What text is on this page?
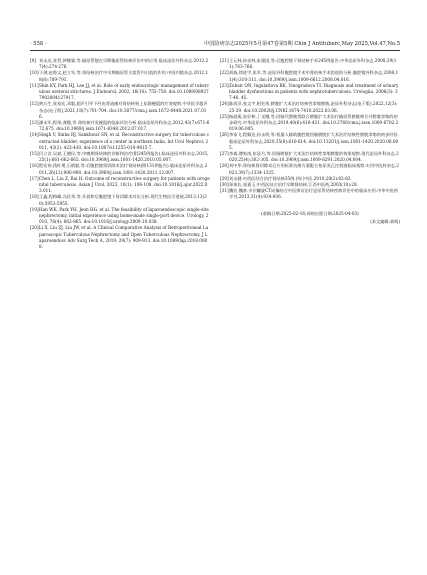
· 558 ·	中国防痨杂志2025年5月第47卷第5期 Chin J Antituberc,May 2025,Vol.47,No.5

[9] 刘永达,张哲,钟熊霖,等.输尿管镜在早期输尿管结核诊治中的应用.临床泌尿外科杂志,2012,27(4):274-276.

[10]于满,赵鲁文,赵立军,等.肾结核治疗中早期输尿管支架管内引流的作用.中国内镜杂志,2012,18(8):789-791.

[11]Shin KY, Park HJ, Lee JJ, et al. Role of early endourologic management of tuberculous ureteral strictures. J Endourol, 2002, 16(10): 755-758. doi:10.1089/089277902804127917.

[12]黄兵生,张家宏,邓毅,超声引导下经皮肾造瘘对肾结核致上尿路梗阻的疗效观察.中华医学超声杂志(电子版),2021,18(7):701-704. doi:10.3877/cma.j.issn.1672-6448.2021.07.016.

[13]潘永军,程伟,龚键,等.肾结核并发梗阻的临床诊治分析.临床泌尿外科杂志,2012,43(7):671-672,675. doi:10.3969/j.issn.1671-8348.2012.07.017.

[14]Singh V, Sinha RJ, Sankhwar SN, et al. Reconstructive surgery for tuberculous contracted bladder, experience of a center in northern India. Int Urol Nephrol, 2011, 43(2): 423-430. doi:10.1007/s11255-010-9815-7.

[15]闫立君,吴斌,王德民,等.中晚期肾结核的诊断和治疗(附245例报告).临床泌尿外科杂志,2015,25(1):661-662-665. doi:10.3969/j.issn.1001-1420.2010.05.007.

[16]程宏伟,钱叶勇,石炳毅,等.后腹腔镜肾切除术治疗肾结核(附131例报告).临床泌尿外科杂志,2011,26(12):906-908. doi:10.3969/j.issn.1001-1420.2011.12.007.

[17]Chen L, Liu Z, Bai H. Outcome of reconstructive surgery for patients with urogenital tuberculosis. Asian J Urol, 2023, 10(1): 106-108. doi:10.1016/j.ajur.2022.03.011.

[18]王鑫,程梅峰,冯民华,等.开放和后腹腔镜下肾切除术对比分析.现代生物医学进展,2013,13(30):5953-5955.

[19]Han WK, Park YH, Jeon HG, et al. The feasibility of laparoendoscopic single-site nephrectomy, initial experience using home-made single-port device. Urology, 2010, 76(4): 862-865. doi:10.1016/j.urology.2009.10.038.

[20]Li X, Liu ZJ, Liu JW, et al. A Clinical Comparative Analysis of Retroperitoneal Laparoscopic Tuberculous Nephrectomy and Open Tuberculous Nephrectomy. J Laparoendosc Adv Surg Tech A, 2019, 29(7): 909-913. doi:10.1089/lap.2018.0808.

[21]王元林,孙亮林,朱建国,等.后腹腔镜下肾结核手术245例报告.中华泌尿外科杂志,2008,29(11):763-766.

[22]胡森,徐进宇,张军,等.泌尿外科腹腔镜手术中肾结核手术的进阶分析.腹腔镜外科杂志,2008,11(4):310-311. doi:10.3969/j.issn.1009-6612.2008.04.016.

[23]Zuhair ON, Ingalattova RK, Vinogradova TI. Diagnosis and treatment of urinary bladder dysfunctions in patients with nephrotuberculosis. Urologiia, 2006(3): 37-40. 45.

[24]陈尚洋,张文宇,相宏伟,膀胱扩大术治疗结核性挛缩膀胱.泌尿外科杂志(电子版),2022,12(3):25-29. doi:10.20020/j.CNKI.1674-7410.2022.03.06.

[25]杨晨燕,朱好伸,丁光娜,等.回肠代膀胱常联合膀胱扩大术治疗输尿管膀胱吻合并膀胱挛缩的初步研究.中华泌尿外科杂志,2019,40(6):416-421. doi:10.3760/cma.j.issn.1000-6702.2019.06.005.

[26]李家飞,程顺达,孙永明,等.机器人辅助腹腔镜回肠膀胱扩大术治疗结核性膀胱挛缩的初步经验.临床泌尿外科杂志,2020,35(8):610-614. doi:10.13201/j.issn.1001-1420.2020.08.005.

[27]李森,傅家南,彭显月,等.回肠膀胱扩大术治疗结核性挛缩膀胱的效果观察.现代泌尿外科杂志,2020,25(4):302-305. doi:10.3969/j.issn.1009-8291.2020.04.004.

[28]刘中华.肾结核肾切除术后应用标准抗痨方案配合鱼尿炎正注射液临床观察.实用中医药杂志,2023,39(7):1334-1325.

[29]刘永健.中西医结合治疗肾结核35例.四川中医,2010,28(2):82-83.

[30]邹伟长,邹嘉玉.中西医结合治疗早期肾结核.江西中医药,2003(10):28.

[31]魏宏,魏豪.多层螺旋CT成像结合中医辨证治疗泌尿系结核疾病诊治中的临床应用.中华中医药学刊,2013,31(4):934-936.

(收稿日期:2025-02-16;网络出版日期:2025-04-03)
(本文编辑:郭萌)
